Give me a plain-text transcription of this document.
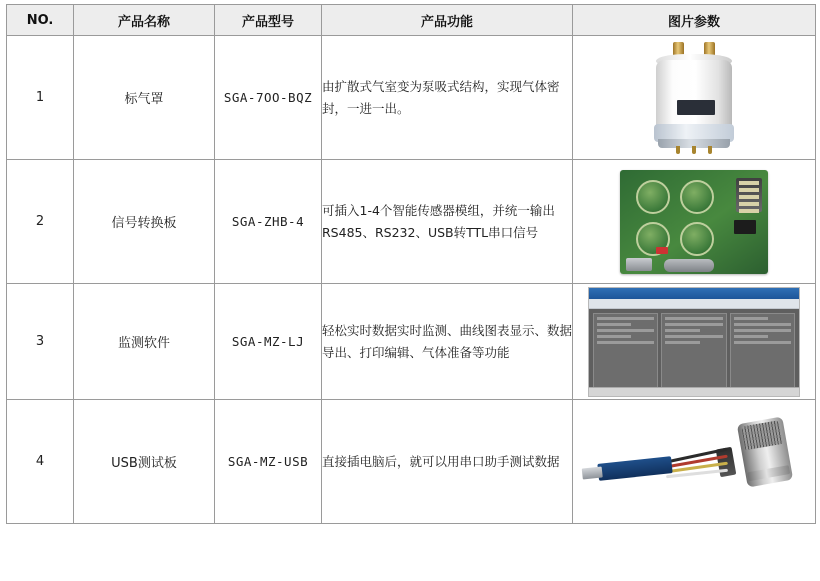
NO.	产品名称	产品型号	产品功能	图片参数
1	标气罩	SGA-7OO-BQZ	由扩散式气室变为泵吸式结构，实现气体密封，一进一出。	

2	信号转换板	SGA-ZHB-4	可插入1-4个智能传感器模组，并统一输出RS485、RS232、USB转TTL串口信号	

3	监测软件	SGA-MZ-LJ	轻松实时数据实时监测、曲线图表显示、数据导出、打印编辑、气体准备等功能	

4	USB测试板	SGA-MZ-USB	直接插电脑后，就可以用串口助手测试数据	
